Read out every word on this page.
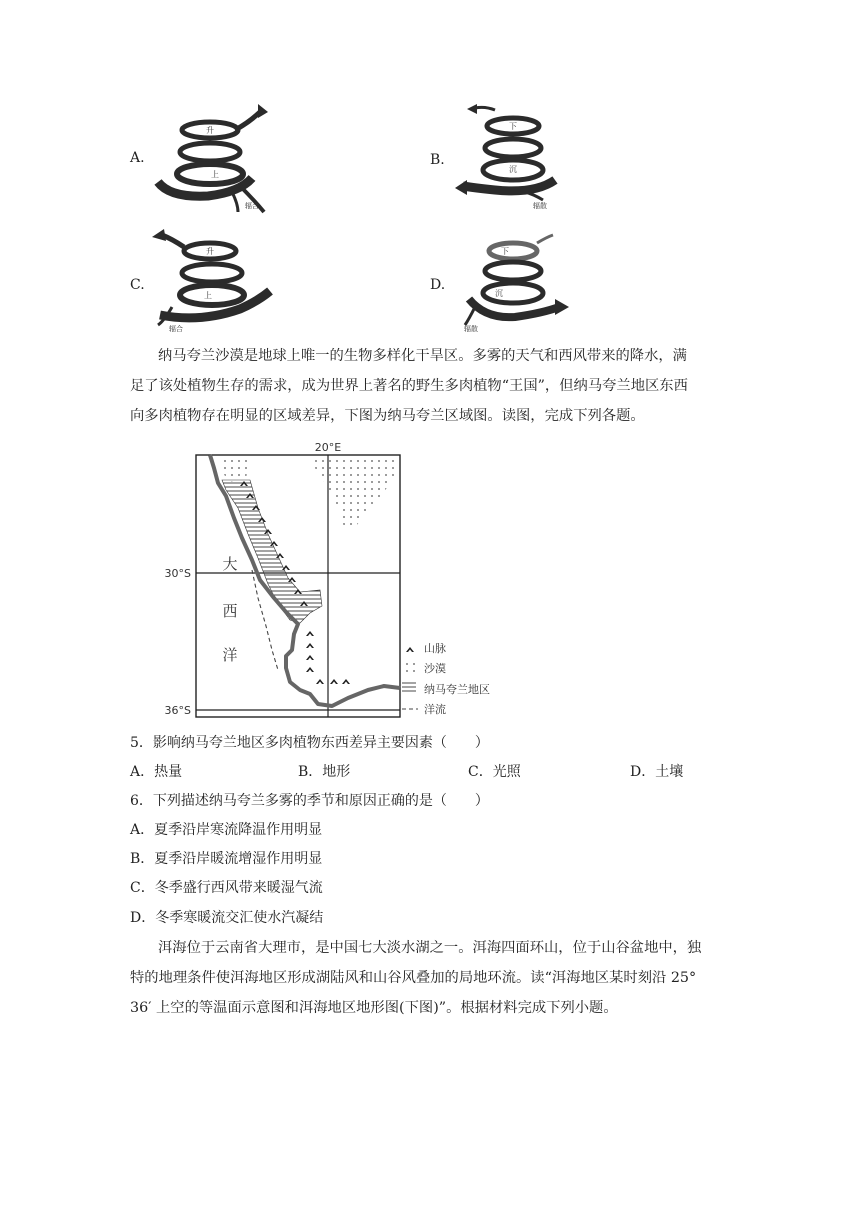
A.
升
上
辐合
B.
下
沉
辐散
C.
升
上
辐合
D.
下
沉
辐散
纳马夸兰沙漠是地球上唯一的生物多样化干旱区。多雾的天气和西风带来的降水，满
足了该处植物生存的需求，成为世界上著名的野生多肉植物“王国”，但纳马夸兰地区东西
向多肉植物存在明显的区域差异，下图为纳马夸兰区域图。读图，完成下列各题。
20°E
30°S
36°S
大
西
洋	山脉
沙漠
纳马夸兰地区
洋流
5．影响纳马夸兰地区多肉植物东西差异主要因素（　　）
A．热量	B．地形	C．光照	D．土壤
6．下列描述纳马夸兰多雾的季节和原因正确的是（　　）
A．夏季沿岸寒流降温作用明显
B．夏季沿岸暖流增湿作用明显
C．冬季盛行西风带来暖湿气流
D．冬季寒暖流交汇使水汽凝结
洱海位于云南省大理市，是中国七大淡水湖之一。洱海四面环山，位于山谷盆地中，独
特的地理条件使洱海地区形成湖陆风和山谷风叠加的局地环流。读“洱海地区某时刻沿 25°
36′ 上空的等温面示意图和洱海地区地形图(下图)”。根据材料完成下列小题。
